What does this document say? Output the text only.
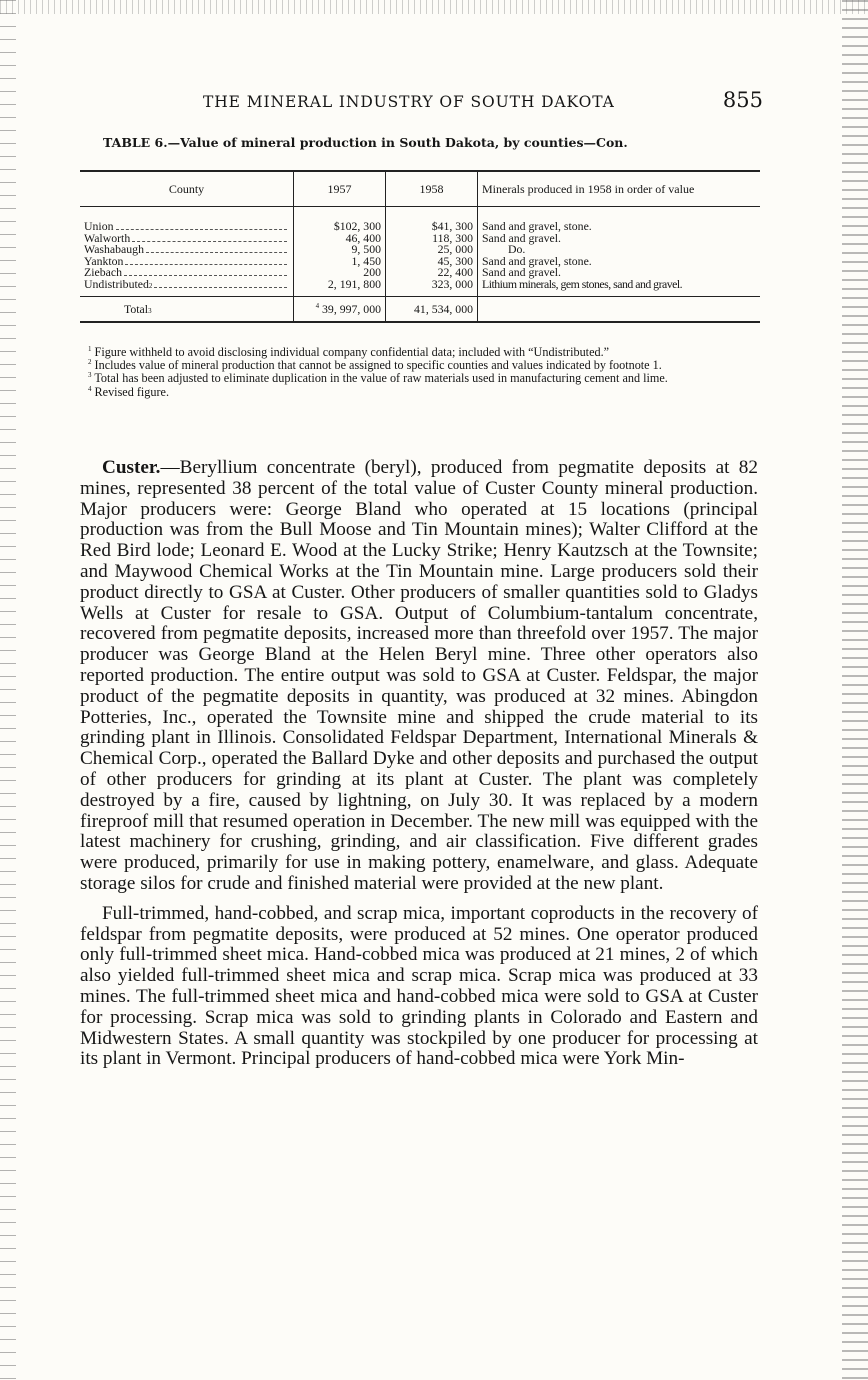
THE MINERAL INDUSTRY OF SOUTH DAKOTA	855
TABLE 6.—Value of mineral production in South Dakota, by counties—Con.
County	1957	1958	Minerals produced in 1958 in order of value

Union	$102, 300	$41, 300	Sand and gravel, stone.

Walworth	46, 400	118, 300	Sand and gravel.

Washabaugh	9, 500	25, 000	Do.

Yankton	1, 450	45, 300	Sand and gravel, stone.

Ziebach	200	22, 400	Sand and gravel.

Undistributed 2	2, 191, 800	323, 000	Lithium minerals, gem stones, sand and gravel.

Total 3	$^4$ 39, 997, 000	41, 534, 000	

$^1$ Figure withheld to avoid disclosing individual company confidential data; included with “Undistributed.”

$^2$ Includes value of mineral production that cannot be assigned to specific counties and values indicated by footnote 1.

$^3$ Total has been adjusted to eliminate duplication in the value of raw materials used in manufacturing cement and lime.

$^4$ Revised figure.

Custer.—Beryllium concentrate (beryl), produced from pegmatite deposits at 82 mines, represented 38 percent of the total value of Custer County mineral production. Major producers were: George Bland who operated at 15 locations (principal production was from the Bull Moose and Tin Mountain mines); Walter Clifford at the Red Bird lode; Leonard E. Wood at the Lucky Strike; Henry Kautzsch at the Townsite; and Maywood Chemical Works at the Tin Mountain mine. Large producers sold their product directly to GSA at Custer. Other producers of smaller quantities sold to Gladys Wells at Custer for resale to GSA. Output of Columbium-tantalum concentrate, recovered from pegmatite deposits, increased more than threefold over 1957. The major producer was George Bland at the Helen Beryl mine. Three other operators also reported production. The entire output was sold to GSA at Custer. Feldspar, the major product of the pegmatite deposits in quantity, was produced at 32 mines. Abingdon Potteries, Inc., operated the Townsite mine and shipped the crude material to its grinding plant in Illinois. Consolidated Feldspar Department, International Minerals & Chemical Corp., operated the Ballard Dyke and other deposits and purchased the output of other producers for grinding at its plant at Custer. The plant was completely destroyed by a fire, caused by lightning, on July 30. It was replaced by a modern fireproof mill that resumed operation in December. The new mill was equipped with the latest machinery for crushing, grinding, and air classification. Five different grades were produced, primarily for use in making pottery, enamelware, and glass. Adequate storage silos for crude and finished material were provided at the new plant.

Full-trimmed, hand-cobbed, and scrap mica, important coproducts in the recovery of feldspar from pegmatite deposits, were produced at 52 mines. One operator produced only full-trimmed sheet mica. Hand-cobbed mica was produced at 21 mines, 2 of which also yielded full-trimmed sheet mica and scrap mica. Scrap mica was produced at 33 mines. The full-trimmed sheet mica and hand-cobbed mica were sold to GSA at Custer for processing. Scrap mica was sold to grinding plants in Colorado and Eastern and Midwestern States. A small quantity was stockpiled by one producer for processing at its plant in Vermont. Principal producers of hand-cobbed mica were York Min-
